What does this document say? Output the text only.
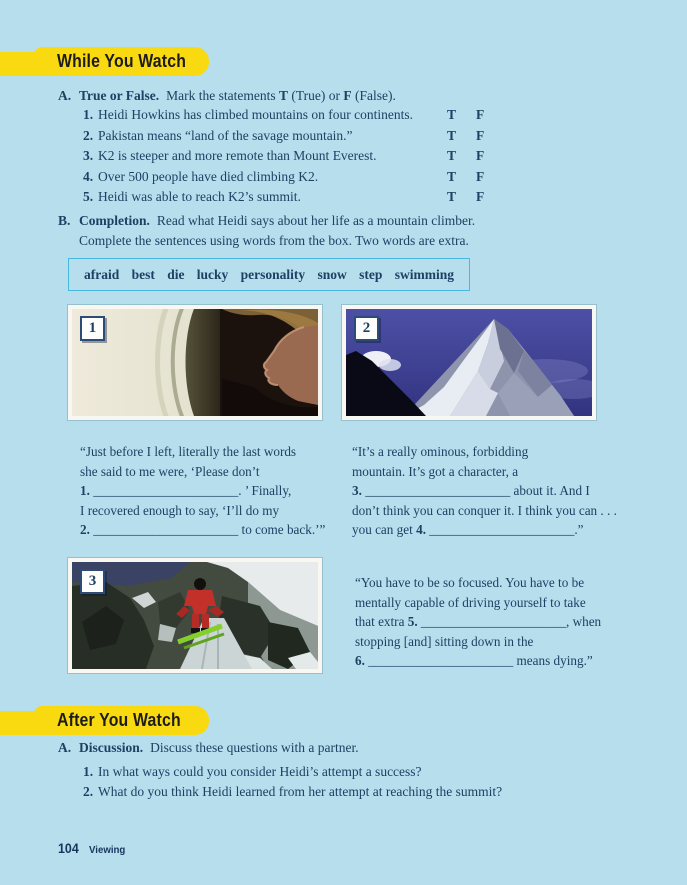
While You Watch
A. True or False. Mark the statements T (True) or F (False).
1. Heidi Howkins has climbed mountains on four continents.	T F
2. Pakistan means “land of the savage mountain.”	T F
3. K2 is steeper and more remote than Mount Everest.	T F
4. Over 500 people have died climbing K2.	T F
5. Heidi was able to reach K2’s summit.	T F
B. Completion. Read what Heidi says about her life as a mountain climber.
Complete the sentences using words from the box. Two words are extra.
afraid best die lucky personality snow step swimming
1	2
“Just before I left, literally the last words
she said to me were, ‘Please don’t
1. ______________________. ’ Finally,
I recovered enough to say, ‘I’ll do my
2. ______________________ to come back.’”
“It’s a really ominous, forbidding
mountain. It’s got a character, a
3. ______________________ about it. And I
don’t think you can conquer it. I think you can . . .
you can get 4. ______________________.”
3	“You have to be so focused. You have to be
mentally capable of driving yourself to take
that extra 5. ______________________, when
stopping [and] sitting down in the
6. ______________________ means dying.”
After You Watch
A. Discussion. Discuss these questions with a partner.
1. In what ways could you consider Heidi’s attempt a success?
2. What do you think Heidi learned from her attempt at reaching the summit?
104 Viewing
